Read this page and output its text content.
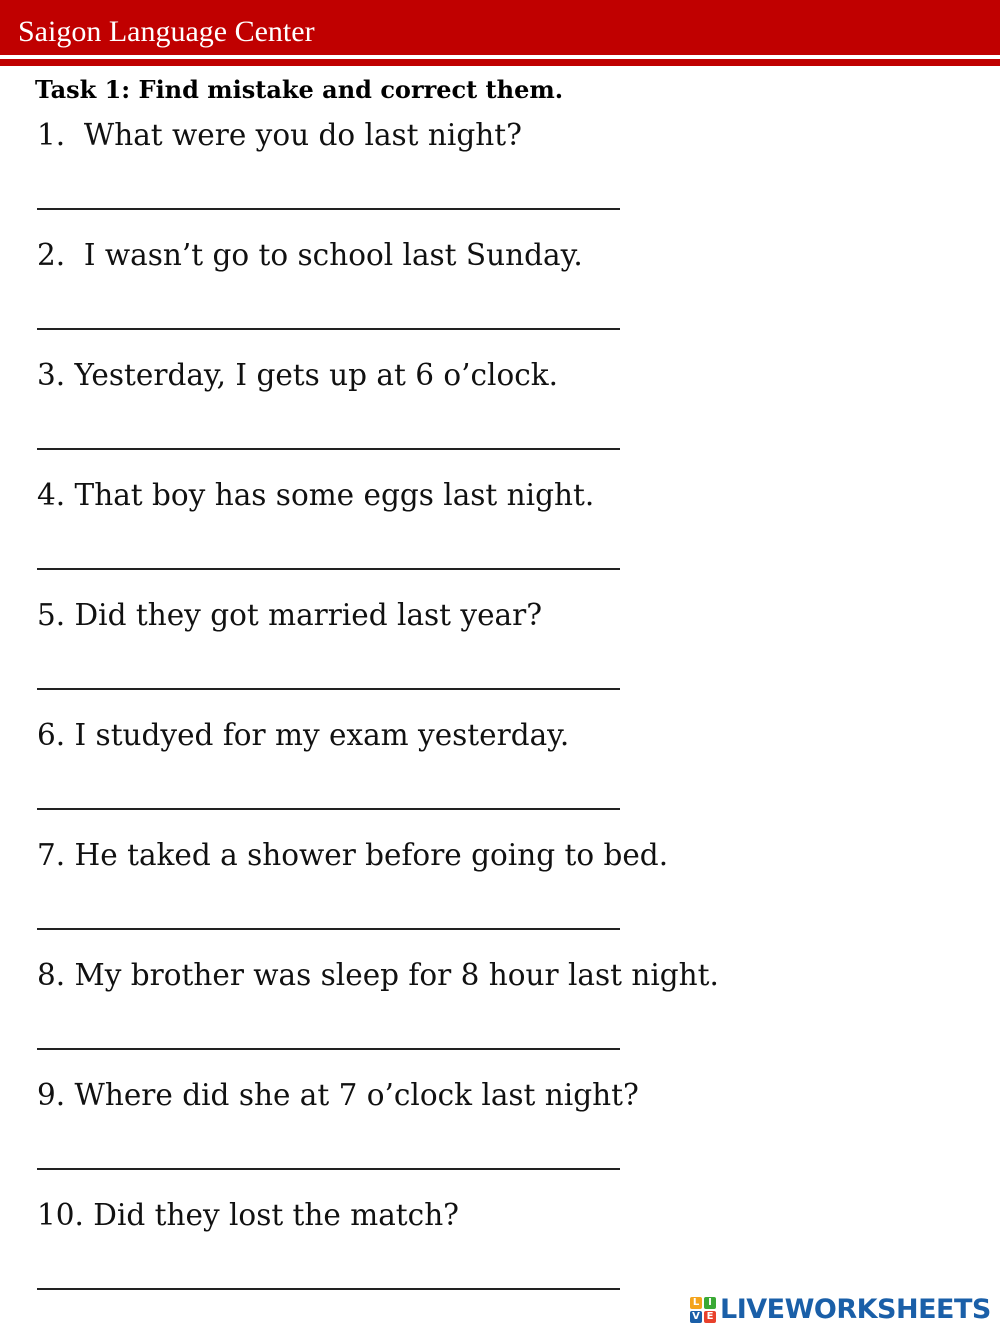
Saigon Language Center
Task 1: Find mistake and correct them.
1.  What were you do last night?
2.  I wasn’t go to school last Sunday.
3. Yesterday, I gets up at 6 o’clock.
4. That boy has some eggs last night.
5. Did they got married last year?
6. I studyed for my exam yesterday.
7. He taked a shower before going to bed.
8. My brother was sleep for 8 hour last night.
9. Where did she at 7 o’clock last night?
10. Did they lost the match?
L I
V E LIVEWORKSHEETS
